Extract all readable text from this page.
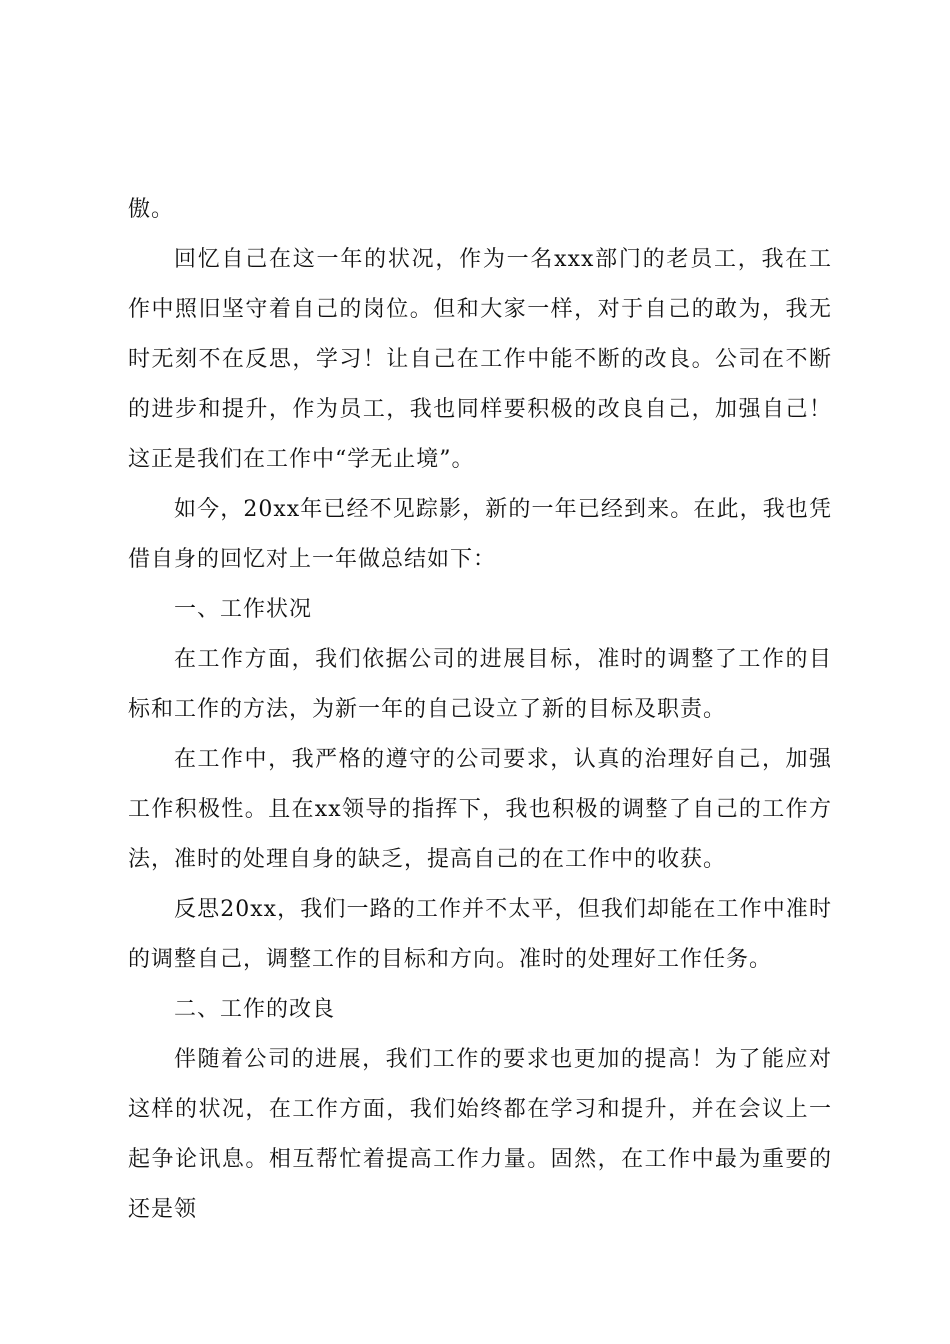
傲。

回忆自己在这一年的状况，作为一名xxx部门的老员工，我在工作中照旧坚守着自己的岗位。但和大家一样，对于自己的敢为，我无时无刻不在反思，学习！让自己在工作中能不断的改良。公司在不断的进步和提升，作为员工，我也同样要积极的改良自己，加强自己！这正是我们在工作中“学无止境”。

如今，20xx年已经不见踪影，新的一年已经到来。在此，我也凭借自身的回忆对上一年做总结如下：

一、工作状况

在工作方面，我们依据公司的进展目标，准时的调整了工作的目标和工作的方法，为新一年的自己设立了新的目标及职责。

在工作中，我严格的遵守的公司要求，认真的治理好自己，加强工作积极性。且在xx领导的指挥下，我也积极的调整了自己的工作方法，准时的处理自身的缺乏，提高自己的在工作中的收获。

反思20xx，我们一路的工作并不太平，但我们却能在工作中准时的调整自己，调整工作的目标和方向。准时的处理好工作任务。

二、工作的改良

伴随着公司的进展，我们工作的要求也更加的提高！为了能应对这样的状况，在工作方面，我们始终都在学习和提升，并在会议上一起争论讯息。相互帮忙着提高工作力量。固然，在工作中最为重要的还是领
